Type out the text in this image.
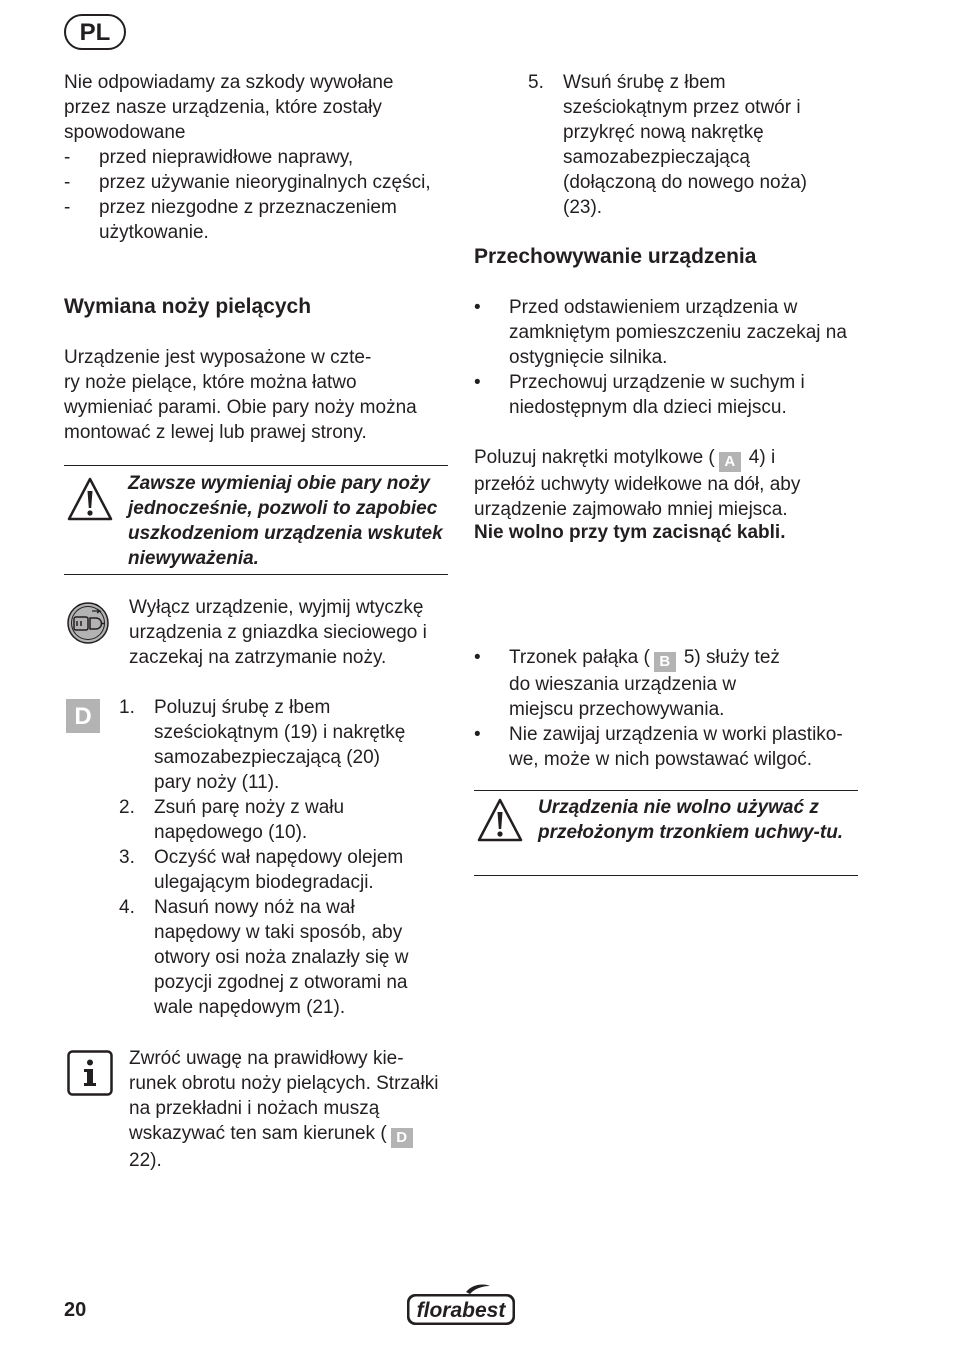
PL

Nie odpowiadamy za szkody wywołane przez nasze urządzenia, które zostały spowodowane

- przed nieprawidłowe naprawy,
- przez używanie nieoryginalnych części,
- przez niezgodne z przeznaczeniem użytkowanie.
Wymiana noży pielących
Urządzenie jest wyposażone w czte-
ry noże pielące, które można łatwo
wymieniać parami. Obie pary noży można
montować z lewej lub prawej strony.

Zawsze wymieniaj obie pary noży jednocześnie, pozwoli to zapobiec uszkodzeniom urządzenia wskutek niewyważenia.

Wyłącz urządzenie, wyjmij wtyczkę urządzenia z gniazdka sieciowego i zaczekaj na zatrzymanie noży.

D	1. Poluzuj śrubę z łbem sześciokątnym (19) i nakrętkę samozabezpieczającą (20) pary noży (11).
2. Zsuń parę noży z wału napędowego (10).
3. Oczyść wał napędowy olejem ulegającym biodegradacji.
4. Nasuń nowy nóż na wał napędowy w taki sposób, aby otwory osi noża znalazły się w pozycji zgodnej z otworami na wale napędowym (21).
Zwróć uwagę na prawidłowy kie-
runek obrotu noży pielących. Strzałki
na przekładni i nożach muszą
wskazywać ten sam kierunek ( D
22).
5. Wsuń śrubę z łbem sześciokątnym przez otwór i przykręć nową nakrętkę samozabezpieczającą (dołączoną do nowego noża) (23).
Przechowywanie urządzenia
• Przed odstawieniem urządzenia w zamkniętym pomieszczeniu zaczekaj na ostygnięcie silnika.
• Przechowuj urządzenie w suchym i niedostępnym dla dzieci miejscu.

Poluzuj nakrętki motylkowe ( A 4) i przełóż uchwyty widełkowe na dół, aby urządzenie zajmowało mniej miejsca.

Nie wolno przy tym zacisnąć kabli.

• Trzonek pałąka ( B 5) służy też do wieszania urządzenia w miejscu przechowywania.
• Nie zawijaj urządzenia w worki plastiko-we, może w nich powstawać wilgoć.

Urządzenia nie wolno używać z przełożonym trzonkiem uchwy-tu.

20	florabest
